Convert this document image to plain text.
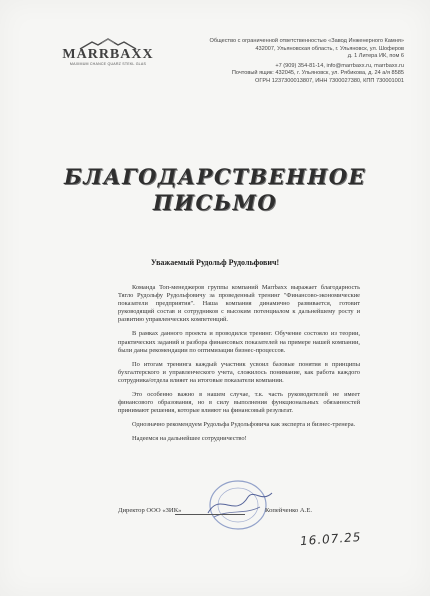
MARRBAXX
MAXIMUM CHANCE QUARZ STEKL GLAS
Общество с ограниченной ответственностью «Завод Инженерного Камня»
432007, Ульяновская область, г. Ульяновск, ул. Шоферов
д. 1 Литера ИК, пом 6
+7 (909) 354-81-14, info@marrbaxx.ru, marrbaxx.ru
Почтовый ящик: 432045, г. Ульяновск, ул. Рябикова, д. 24 а/я 8585
ОГРН 1237300013807, ИНН 7300027380, КПП 730001001
БЛАГОДАРСТВЕННОЕ
ПИСЬМО
Уважаемый Рудольф Рудольфович!

Команда Топ-менеджеров группы компаний Marrbaxx выражает благодарность Тягло Рудольфу Рудольфовичу за проведенный тренинг "Финансово-экономические показатели предприятия". Наша компания динамично развивается, готовит руководящий состав и сотрудников с высоким потенциалом к дальнейшему росту и развитию управленческих компетенций.

В рамках данного проекта и проводился тренинг. Обучение состояло из теории, практических заданий и разбора финансовых показателей на примере нашей компании, были даны рекомендации по оптимизации бизнес-процессов.

По итогам тренинга каждый участник усвоил базовые понятия в принципы бухгалтерского и управленческого учета, сложилось понимание, как работа каждого сотрудника/отдела влияет на итоговые показатели компании.

Это особенно важно в нашем случае, т.к. часть руководителей не имеет финансового образования, но в силу выполнения функциональных обязанностей принимают решения, которые влияют на финансовый результат.

Однозначно рекомендуем Рудольфа Рудольфовича как эксперта и бизнес-тренера.

Надеемся на дальнейшее сотрудничество!

Директор ООО «ЗИК»	Копейченко А.Е.
16.07.25
